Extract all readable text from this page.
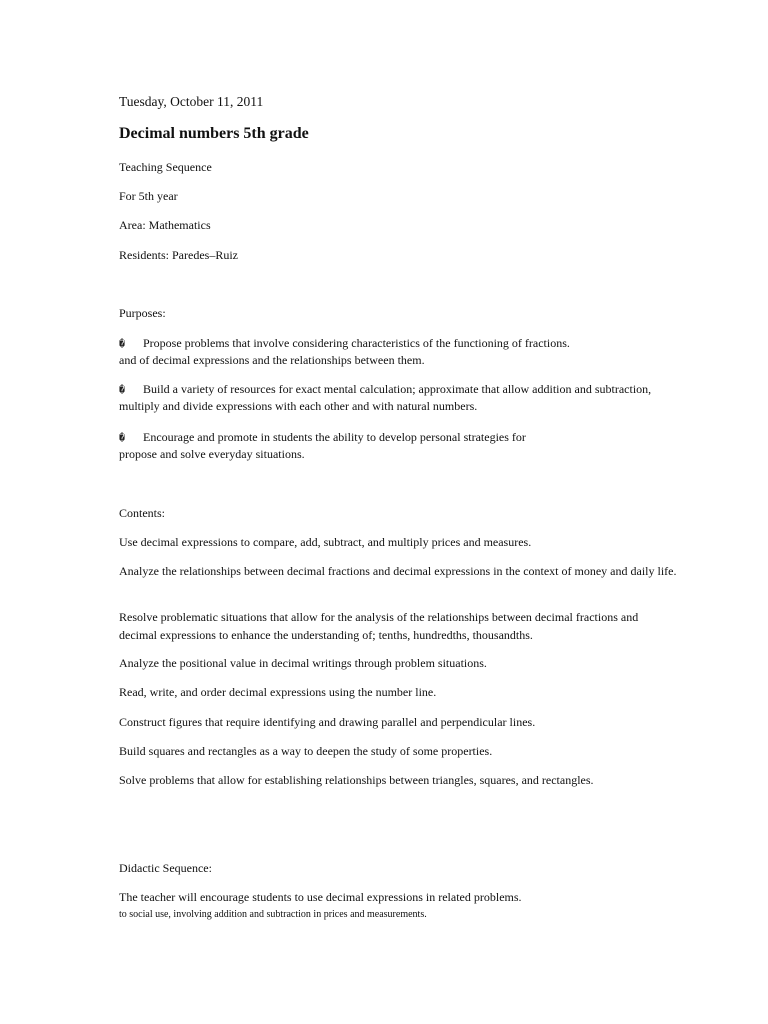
Tuesday, October 11, 2011
Decimal numbers 5th grade
Teaching Sequence
For 5th year
Area: Mathematics
Residents: Paredes–Ruiz
Purposes:
� Propose problems that involve considering characteristics of the functioning of fractions.
and of decimal expressions and the relationships between them.
� Build a variety of resources for exact mental calculation; approximate that allow addition and subtraction,
multiply and divide expressions with each other and with natural numbers.
� Encourage and promote in students the ability to develop personal strategies for
propose and solve everyday situations.
Contents:
Use decimal expressions to compare, add, subtract, and multiply prices and measures.
Analyze the relationships between decimal fractions and decimal expressions in the context of money and daily life.
Resolve problematic situations that allow for the analysis of the relationships between decimal fractions and decimal expressions to enhance the understanding of; tenths, hundredths, thousandths.
Analyze the positional value in decimal writings through problem situations.
Read, write, and order decimal expressions using the number line.
Construct figures that require identifying and drawing parallel and perpendicular lines.
Build squares and rectangles as a way to deepen the study of some properties.
Solve problems that allow for establishing relationships between triangles, squares, and rectangles.
Didactic Sequence:
The teacher will encourage students to use decimal expressions in related problems.
to social use, involving addition and subtraction in prices and measurements.
